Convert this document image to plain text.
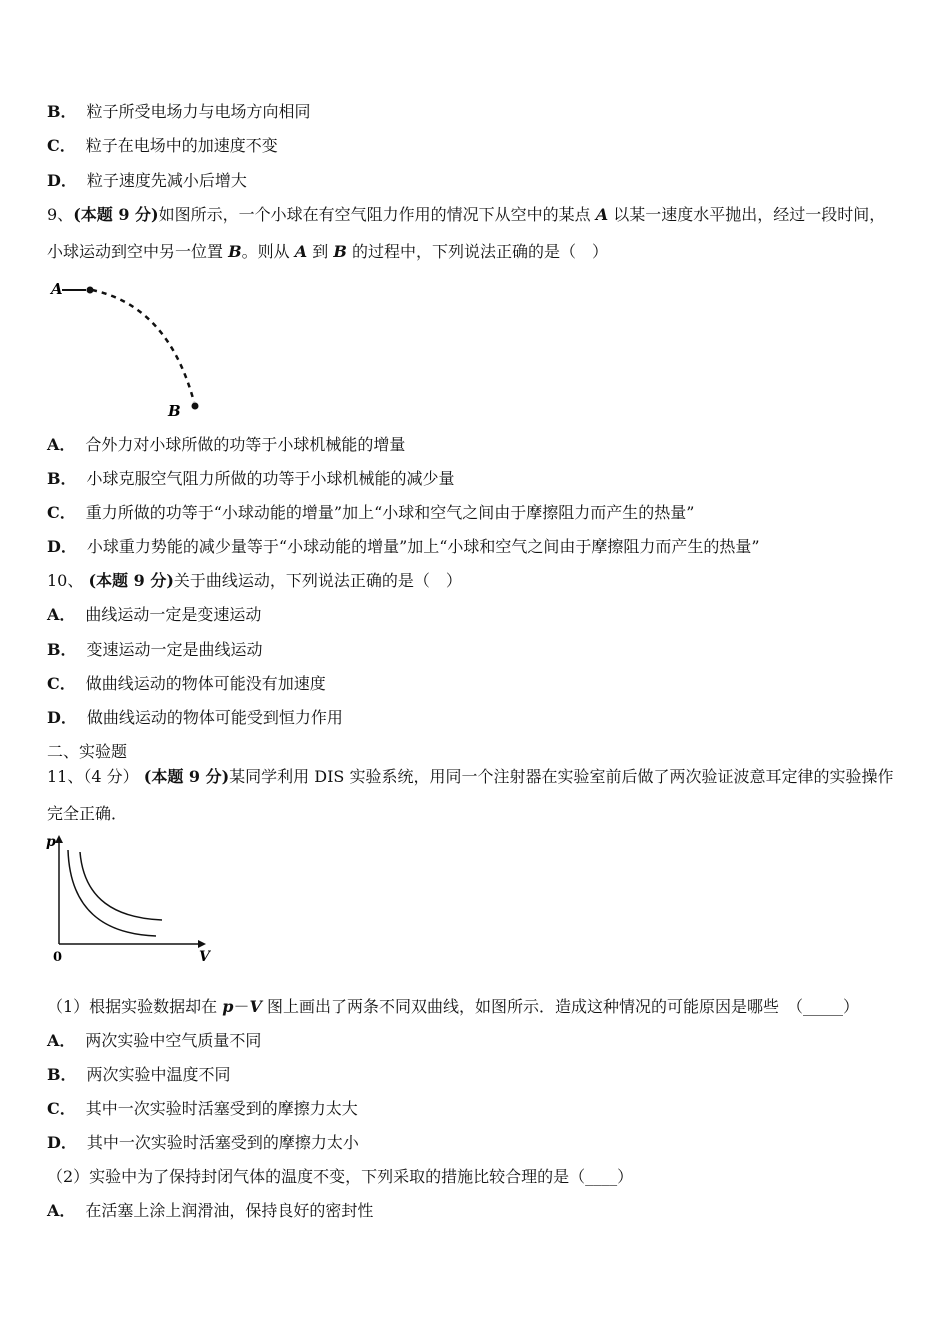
B． 粒子所受电场力与电场方向相同
C． 粒子在电场中的加速度不变
D． 粒子速度先减小后增大
9、(本题 9 分)如图所示，一个小球在有空气阻力作用的情况下从空中的某点 A 以某一速度水平抛出，经过一段时间，
小球运动到空中另一位置 B。则从 A 到 B 的过程中，下列说法正确的是（　）
A
B
A． 合外力对小球所做的功等于小球机械能的增量
B． 小球克服空气阻力所做的功等于小球机械能的减少量
C． 重力所做的功等于“小球动能的增量”加上“小球和空气之间由于摩擦阻力而产生的热量”
D． 小球重力势能的减少量等于“小球动能的增量”加上“小球和空气之间由于摩擦阻力而产生的热量”
10、 (本题 9 分)关于曲线运动，下列说法正确的是（　）
A． 曲线运动一定是变速运动
B． 变速运动一定是曲线运动
C． 做曲线运动的物体可能没有加速度
D． 做曲线运动的物体可能受到恒力作用
二、实验题
11、（4 分） (本题 9 分)某同学利用 DIS 实验系统，用同一个注射器在实验室前后做了两次验证波意耳定律的实验操作
完全正确．
p
0	V
（1）根据实验数据却在 p－V 图上画出了两条不同双曲线，如图所示．造成这种情况的可能原因是哪些　（_____）
A． 两次实验中空气质量不同
B． 两次实验中温度不同
C． 其中一次实验时活塞受到的摩擦力太大
D． 其中一次实验时活塞受到的摩擦力太小
（2）实验中为了保持封闭气体的温度不变，下列采取的措施比较合理的是（____）
A． 在活塞上涂上润滑油，保持良好的密封性
